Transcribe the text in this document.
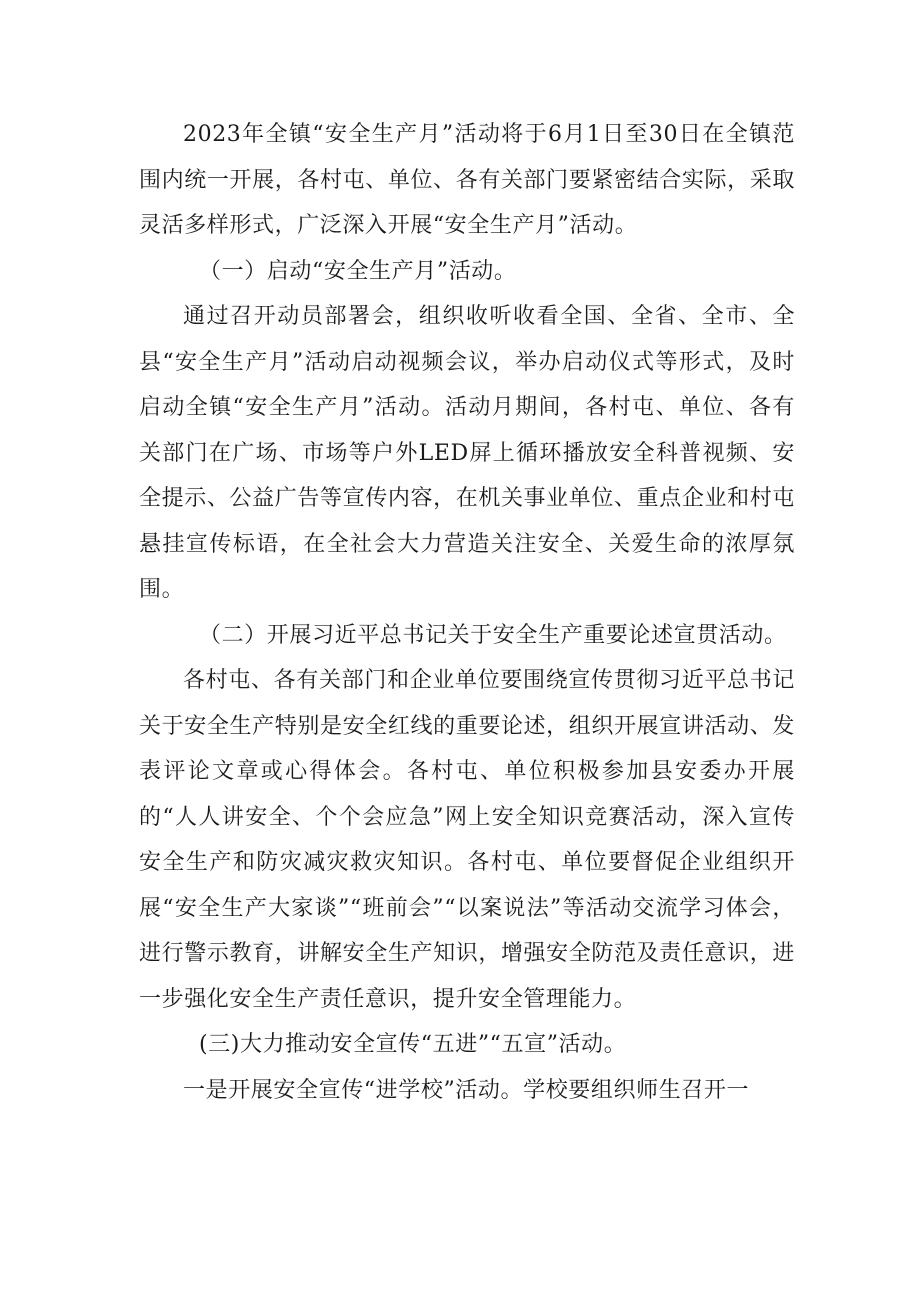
2023年全镇“安全生产月”活动将于6月1日至30日在全镇范围内统一开展，各村屯、单位、各有关部门要紧密结合实际，采取灵活多样形式，广泛深入开展“安全生产月”活动。

（一）启动“安全生产月”活动。

通过召开动员部署会，组织收听收看全国、全省、全市、全县“安全生产月”活动启动视频会议，举办启动仪式等形式，及时启动全镇“安全生产月”活动。活动月期间，各村屯、单位、各有关部门在广场、市场等户外LED屏上循环播放安全科普视频、安全提示、公益广告等宣传内容，在机关事业单位、重点企业和村屯悬挂宣传标语，在全社会大力营造关注安全、关爱生命的浓厚氛围。

（二）开展习近平总书记关于安全生产重要论述宣贯活动。

各村屯、各有关部门和企业单位要围绕宣传贯彻习近平总书记关于安全生产特别是安全红线的重要论述，组织开展宣讲活动、发表评论文章或心得体会。各村屯、单位积极参加县安委办开展的“人人讲安全、个个会应急”网上安全知识竞赛活动，深入宣传安全生产和防灾减灾救灾知识。各村屯、单位要督促企业组织开展“安全生产大家谈”“班前会”“以案说法”等活动交流学习体会，进行警示教育，讲解安全生产知识，增强安全防范及责任意识，进一步强化安全生产责任意识，提升安全管理能力。

(三)大力推动安全宣传“五进”“五宣”活动。

一是开展安全宣传“进学校”活动。学校要组织师生召开一
